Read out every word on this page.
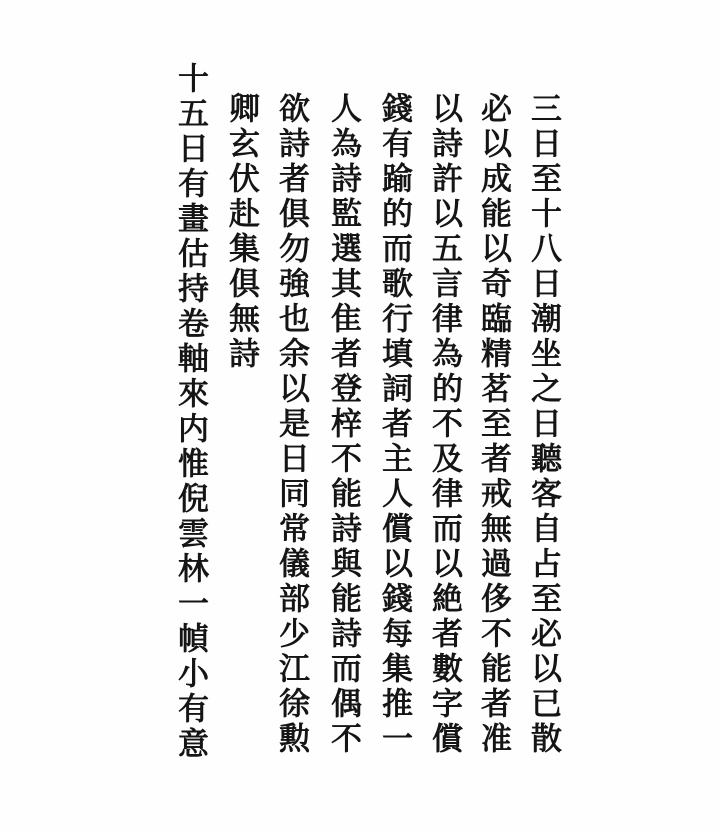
三日至十八日潮坐之日聽客自占至必以已散
必以成能以奇臨精茗至者戒無過侈不能者准
以詩許以五言律為的不及律而以絶者數字償
錢有踰的而歌行填詞者主人償以錢每集推一
人為詩監選其隹者登梓不能詩與能詩而偶不
欲詩者俱勿強也余以是日同常儀部少江徐勲
卿玄伏赴集俱無詩
十五日有畫估持卷軸來内惟倪雲林一幀小有意
